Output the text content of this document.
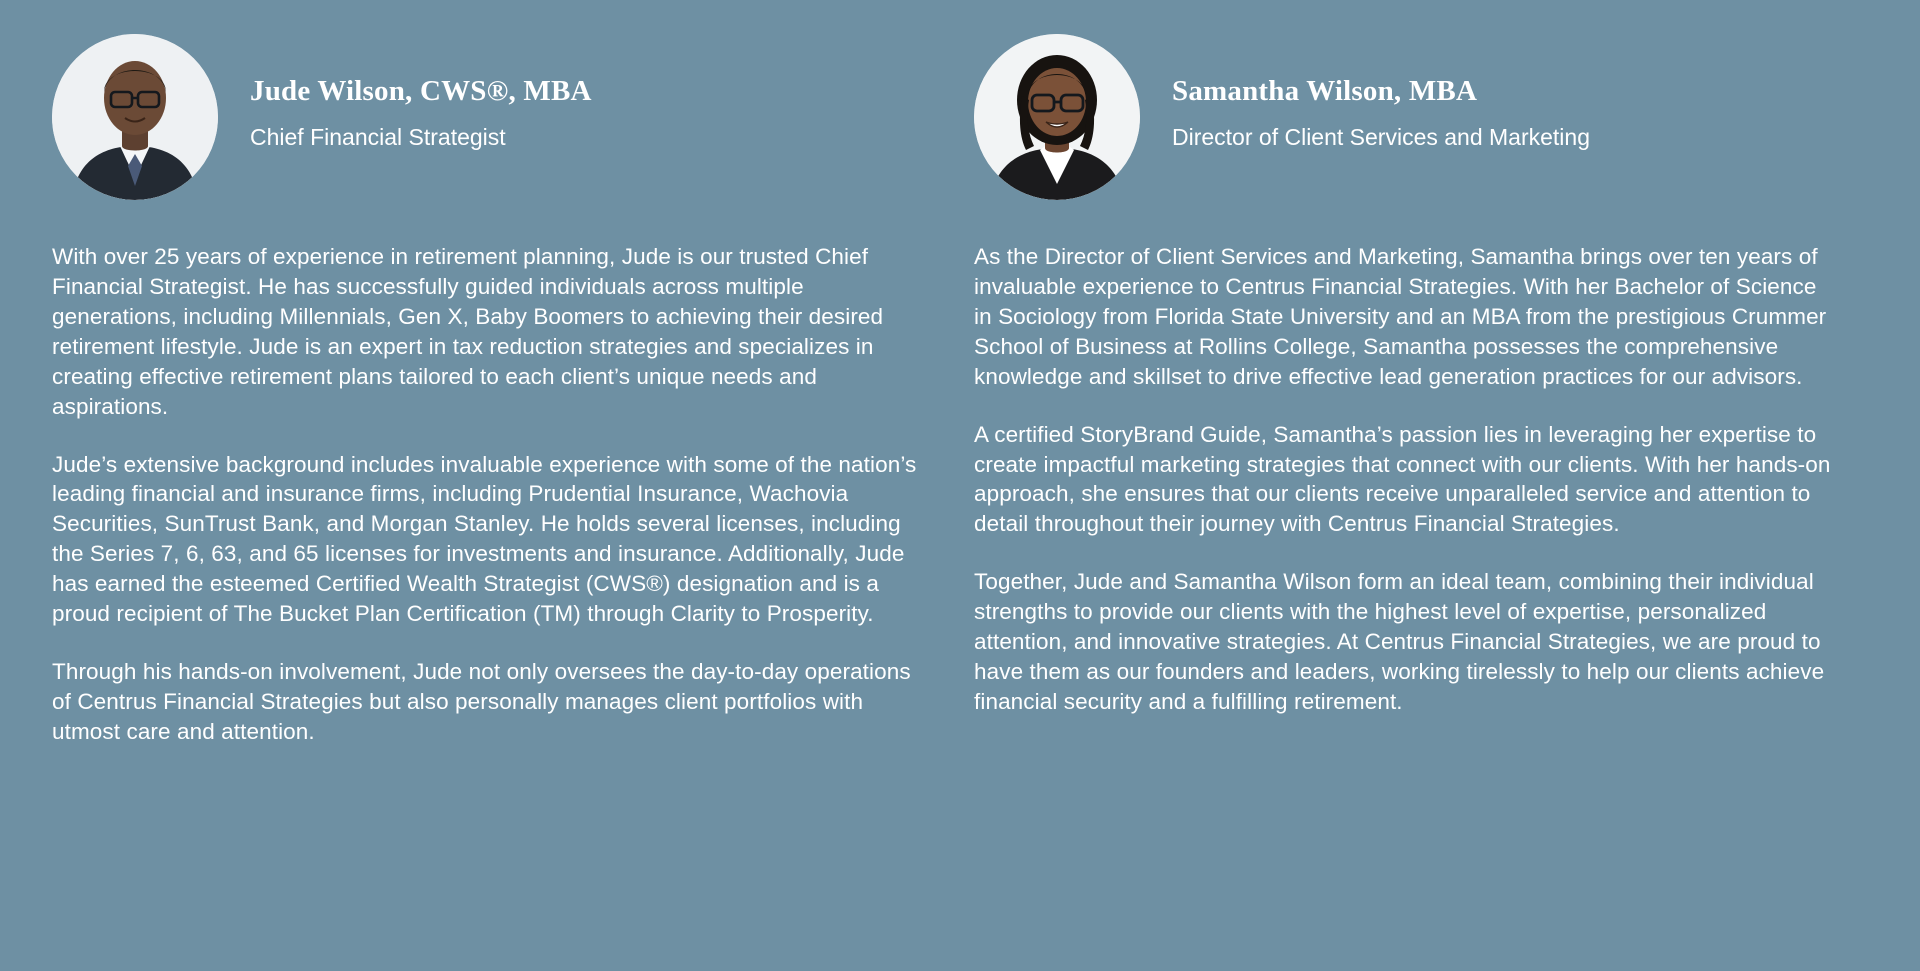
Jude Wilson, CWS®, MBA
Chief Financial Strategist

With over 25 years of experience in retirement planning, Jude is our trusted Chief Financial Strategist. He has successfully guided individuals across multiple generations, including Millennials, Gen X, Baby Boomers to achieving their desired retirement lifestyle. Jude is an expert in tax reduction strategies and specializes in creating effective retirement plans tailored to each client’s unique needs and aspirations.

Jude’s extensive background includes invaluable experience with some of the nation’s leading financial and insurance firms, including Prudential Insurance, Wachovia Securities, SunTrust Bank, and Morgan Stanley. He holds several licenses, including the Series 7, 6, 63, and 65 licenses for investments and insurance. Additionally, Jude has earned the esteemed Certified Wealth Strategist (CWS®) designation and is a proud recipient of The Bucket Plan Certification (TM) through Clarity to Prosperity.

Through his hands-on involvement, Jude not only oversees the day-to-day operations of Centrus Financial Strategies but also personally manages client portfolios with utmost care and attention.

Samantha Wilson, MBA
Director of Client Services and Marketing

As the Director of Client Services and Marketing, Samantha brings over ten years of invaluable experience to Centrus Financial Strategies. With her Bachelor of Science in Sociology from Florida State University and an MBA from the prestigious Crummer School of Business at Rollins College, Samantha possesses the comprehensive knowledge and skillset to drive effective lead generation practices for our advisors.

A certified StoryBrand Guide, Samantha’s passion lies in leveraging her expertise to create impactful marketing strategies that connect with our clients. With her hands-on approach, she ensures that our clients receive unparalleled service and attention to detail throughout their journey with Centrus Financial Strategies.

Together, Jude and Samantha Wilson form an ideal team, combining their individual strengths to provide our clients with the highest level of expertise, personalized attention, and innovative strategies. At Centrus Financial Strategies, we are proud to have them as our founders and leaders, working tirelessly to help our clients achieve financial security and a fulfilling retirement.
